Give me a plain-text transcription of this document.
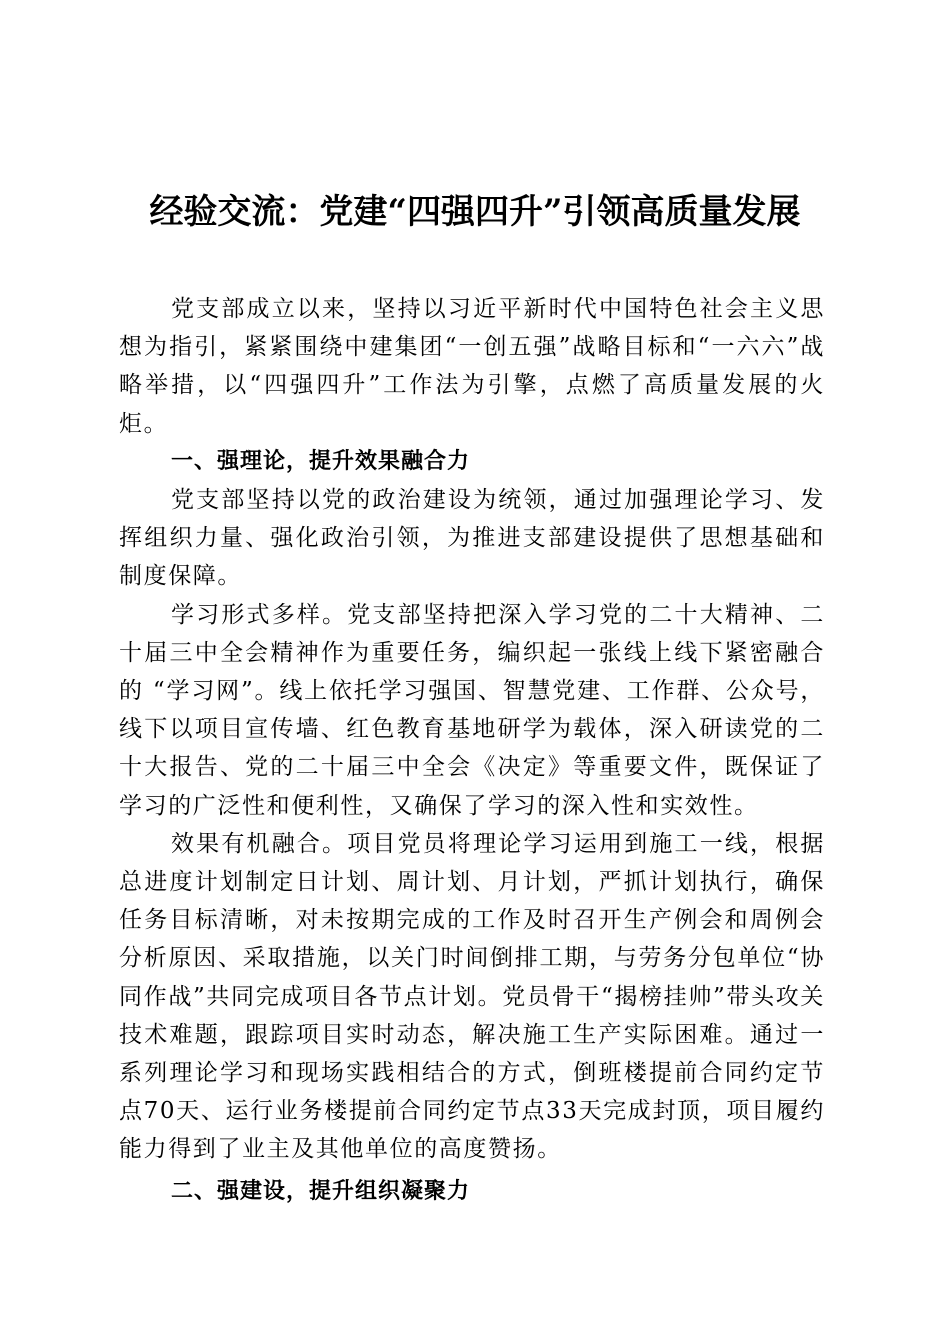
经验交流：党建“四强四升”引领高质量发展

党支部成立以来，坚持以习近平新时代中国特色社会主义思想为指引，紧紧围绕中建集团“一创五强”战略目标和“一六六”战略举措，以“四强四升”工作法为引擎，点燃了高质量发展的火炬。

一、强理论，提升效果融合力

党支部坚持以党的政治建设为统领，通过加强理论学习、发挥组织力量、强化政治引领，为推进支部建设提供了思想基础和制度保障。

学习形式多样。党支部坚持把深入学习党的二十大精神、二十届三中全会精神作为重要任务，编织起一张线上线下紧密融合的 “学习网”。线上依托学习强国、智慧党建、工作群、公众号，线下以项目宣传墙、红色教育基地研学为载体，深入研读党的二十大报告、党的二十届三中全会《决定》等重要文件，既保证了学习的广泛性和便利性，又确保了学习的深入性和实效性。

效果有机融合。项目党员将理论学习运用到施工一线，根据总进度计划制定日计划、周计划、月计划，严抓计划执行，确保任务目标清晰，对未按期完成的工作及时召开生产例会和周例会分析原因、采取措施，以关门时间倒排工期，与劳务分包单位“协同作战”共同完成项目各节点计划。党员骨干“揭榜挂帅”带头攻关技术难题，跟踪项目实时动态，解决施工生产实际困难。通过一系列理论学习和现场实践相结合的方式，倒班楼提前合同约定节点70天、运行业务楼提前合同约定节点33天完成封顶，项目履约能力得到了业主及其他单位的高度赞扬。

二、强建设，提升组织凝聚力
